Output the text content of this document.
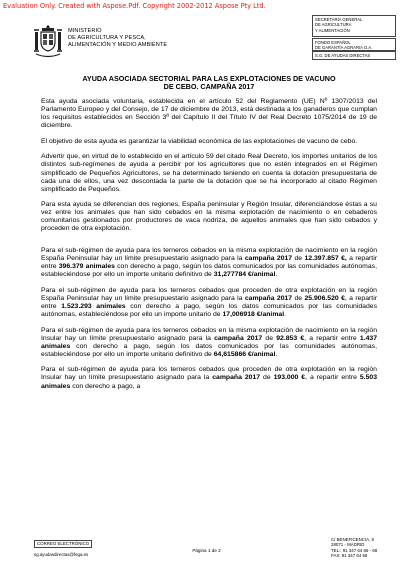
Evaluation Only. Created with Aspose.Pdf. Copyright 2002-2012 Aspose Pty Ltd.
MINISTERIO
DE AGRICULTURA Y PESCA,
ALIMENTACIÓN Y MEDIO AMBIENTE
SECRETARÍA GENERAL
DE AGRICULTURA
Y ALIMENTACIÓN
FONDO ESPAÑOL
DE GARANTÍA AGRARIA O.A.
S.G. DE AYUDAS DIRECTAS
AYUDA ASOCIADA SECTORIAL PARA LAS EXPLOTACIONES DE VACUNO
DE CEBO. CAMPAÑA 2017

Esta ayuda asociada voluntaria, establecida en el artículo 52 del Reglamento (UE) Nº 1307/2013 del Parlamento Europeo y del Consejo, de 17 de diciembre de 2013, está destinada a los ganaderos que cumplan los requisitos establecidos en Sección 3ª del Capítulo II del Título IV del Real Decreto 1075/2014 de 19 de diciembre.

El objetivo de esta ayuda es garantizar la viabilidad económica de las explotaciones de vacuno de cebo.

Advertir que, en virtud de lo establecido en el artículo 59 del citado Real Decreto, los importes unitarios de los distintos sub-regímenes de ayuda a percibir por los agricultores que no estén integrados en el Régimen simplificado de Pequeños Agricultores, se ha determinado teniendo en cuenta la dotación presupuestaria de cada una de ellos, una vez descontada la parte de la dotación que se ha incorporado al citado Régimen simplificado de Pequeños.

Para esta ayuda se diferencian dos regiones, España peninsular y Región Insular, diferenciándose éstas a su vez entre los animales que han sido cebados en la misma explotación de nacimiento o en cebaderos comunitarios gestionados por productores de vaca nodriza, de aquellos animales que han sido cebados y proceden de otra explotación.

Para el sub-régimen de ayuda para los terneros cebados en la misma explotación de nacimiento en la región España Peninsular hay un límite presupuestario asignado para la campaña 2017 de 12.397.857 €, a repartir entre 396.379 animales con derecho a pago, según los datos comunicados por las comunidades autónomas, estableciéndose por ello un importe unitario definitivo de 31,277784 €/animal.

Para el sub-régimen de ayuda para los terneros cebados que proceden de otra explotación en la región España Peninsular hay un límite presupuestario asignado para la campaña 2017 de 25.906.520 €, a repartir entre 1.523.293 animales con derecho a pago, según los datos comunicados por las comunidades autónomas, estableciéndose por ello un importe unitario de 17,006918 €/animal.

Para el sub-régimen de ayuda para los terneros cebados en la misma explotación de nacimiento en la región Insular hay un límite presupuestario asignado para la campaña 2017 de 92.853 €, a repartir entre 1.437 animales con derecho a pago, según los datos comunicados por las comunidades autónomas, estableciéndose por ello un importe unitario definitivo de 64,615866 €/animal.

Para el sub-régimen de ayuda para los terneros cebados que proceden de otra explotación en la región Insular hay un límite presupuestario asignado para la campaña 2017 de 193.000 €, a repartir entre 5.503 animales con derecho a pago, a

CORREO ELECTRÓNICO
sg.ayudasdirectas@fega.es
Página 1 de 2
C/ BENEFICENCIA, 8
28071 - MADRID
TEL.: 91 347 64 66 - 68
FAX: 91 347 64 65
